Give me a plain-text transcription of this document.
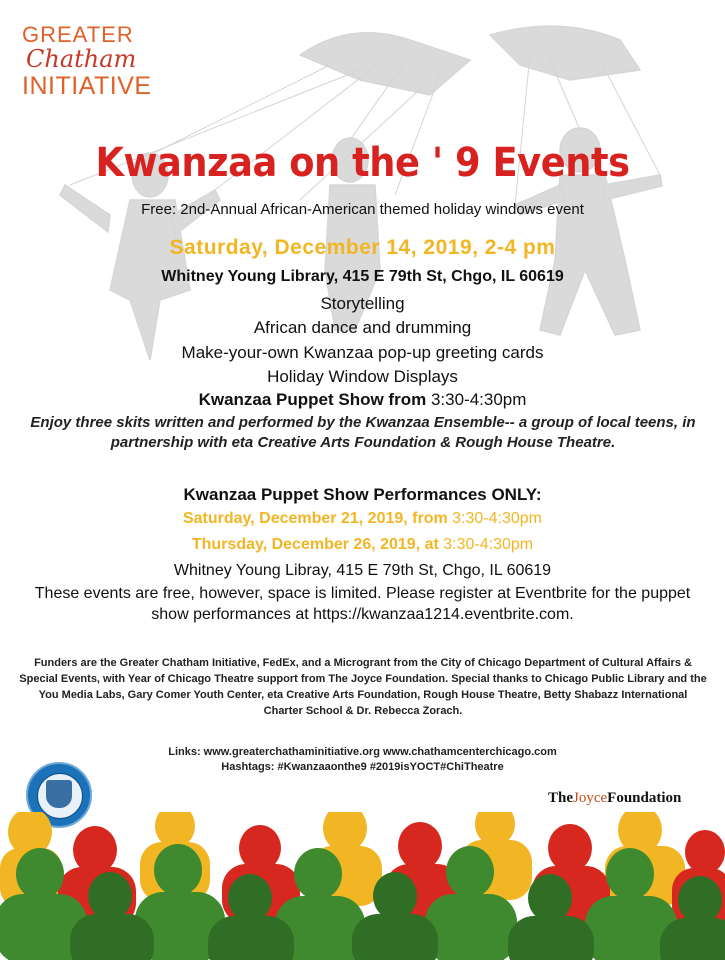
GREATER
Chatham
INITIATIVE
Kwanzaa on the ' 9 Events
Free: 2nd-Annual African-American themed holiday windows event
Saturday, December 14, 2019, 2-4 pm
Whitney Young Library, 415 E 79th St, Chgo, IL 60619
Storytelling
African dance and drumming
Make-your-own Kwanzaa pop-up greeting cards
Holiday Window Displays
Kwanzaa Puppet Show from 3:30-4:30pm
Enjoy three skits written and performed by the Kwanzaa Ensemble-- a group of local teens, in partnership with eta Creative Arts Foundation & Rough House Theatre.
Kwanzaa Puppet Show Performances ONLY:
Saturday, December 21, 2019, from 3:30-4:30pm
Thursday, December 26, 2019, at 3:30-4:30pm
Whitney Young Libray, 415 E 79th St, Chgo, IL 60619
These events are free, however, space is limited. Please register at Eventbrite for the puppet show performances at https://kwanzaa1214.eventbrite.com.
Funders are the Greater Chatham Initiative, FedEx, and a Microgrant from the City of Chicago Department of Cultural Affairs & Special Events, with Year of Chicago Theatre support from The Joyce Foundation. Special thanks to Chicago Public Library and the You Media Labs, Gary Comer Youth Center, eta Creative Arts Foundation, Rough House Theatre, Betty Shabazz International Charter School & Dr. Rebecca Zorach.
Links: www.greaterchathaminitiative.org www.chathamcenterchicago.com
Hashtags: #Kwanzaaonthe9 #2019isYOCT#ChiTheatre
TheJoyceFoundation
